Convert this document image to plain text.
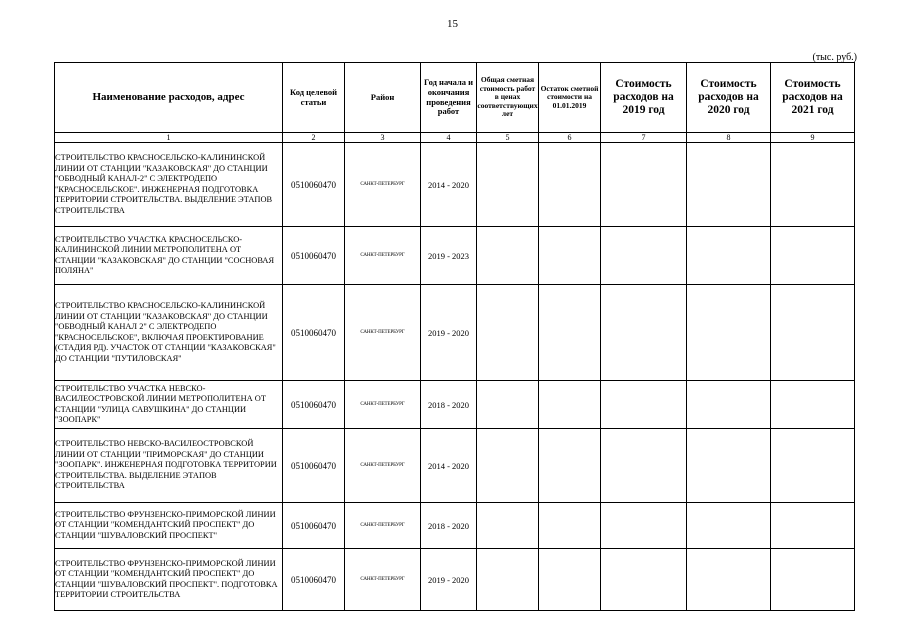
15
(тыс. руб.)
Наименование расходов, адрес	Код целевой статьи	Район	Год начала и окончания проведения работ	Общая сметная стоимость работ в ценах соответствующих лет	Остаток сметной стоимости на 01.01.2019	Стоимость расходов на 2019 год	Стоимость расходов на 2020 год	Стоимость расходов на 2021 год
1	2	3	4	5	6	7	8	9
СТРОИТЕЛЬСТВО КРАСНОСЕЛЬСКО-КАЛИНИНСКОЙ ЛИНИИ ОТ СТАНЦИИ "КАЗАКОВСКАЯ" ДО СТАНЦИИ "ОБВОДНЫЙ КАНАЛ-2" С ЭЛЕКТРОДЕПО "КРАСНОСЕЛЬСКОЕ". ИНЖЕНЕРНАЯ ПОДГОТОВКА ТЕРРИТОРИИ СТРОИТЕЛЬСТВА. ВЫДЕЛЕНИЕ ЭТАПОВ СТРОИТЕЛЬСТВА	0510060470	САНКТ-ПЕТЕРБУРГ	2014 - 2020					
СТРОИТЕЛЬСТВО УЧАСТКА КРАСНОСЕЛЬСКО-КАЛИНИНСКОЙ ЛИНИИ МЕТРОПОЛИТЕНА ОТ СТАНЦИИ "КАЗАКОВСКАЯ" ДО СТАНЦИИ "СОСНОВАЯ ПОЛЯНА"	0510060470	САНКТ-ПЕТЕРБУРГ	2019 - 2023					
СТРОИТЕЛЬСТВО КРАСНОСЕЛЬСКО-КАЛИНИНСКОЙ ЛИНИИ ОТ СТАНЦИИ "КАЗАКОВСКАЯ" ДО СТАНЦИИ "ОБВОДНЫЙ КАНАЛ 2" С ЭЛЕКТРОДЕПО "КРАСНОСЕЛЬСКОЕ", ВКЛЮЧАЯ ПРОЕКТИРОВАНИЕ (СТАДИЯ РД). УЧАСТОК ОТ СТАНЦИИ "КАЗАКОВСКАЯ" ДО СТАНЦИИ "ПУТИЛОВСКАЯ"	0510060470	САНКТ-ПЕТЕРБУРГ	2019 - 2020					
СТРОИТЕЛЬСТВО УЧАСТКА НЕВСКО-ВАСИЛЕОСТРОВСКОЙ ЛИНИИ МЕТРОПОЛИТЕНА ОТ СТАНЦИИ "УЛИЦА САВУШКИНА" ДО СТАНЦИИ "ЗООПАРК"	0510060470	САНКТ-ПЕТЕРБУРГ	2018 - 2020					
СТРОИТЕЛЬСТВО НЕВСКО-ВАСИЛЕОСТРОВСКОЙ ЛИНИИ ОТ СТАНЦИИ "ПРИМОРСКАЯ" ДО СТАНЦИИ "ЗООПАРК". ИНЖЕНЕРНАЯ ПОДГОТОВКА ТЕРРИТОРИИ СТРОИТЕЛЬСТВА. ВЫДЕЛЕНИЕ ЭТАПОВ СТРОИТЕЛЬСТВА	0510060470	САНКТ-ПЕТЕРБУРГ	2014 - 2020					
СТРОИТЕЛЬСТВО ФРУНЗЕНСКО-ПРИМОРСКОЙ ЛИНИИ ОТ СТАНЦИИ "КОМЕНДАНТСКИЙ ПРОСПЕКТ" ДО СТАНЦИИ "ШУВАЛОВСКИЙ ПРОСПЕКТ"	0510060470	САНКТ-ПЕТЕРБУРГ	2018 - 2020					
СТРОИТЕЛЬСТВО ФРУНЗЕНСКО-ПРИМОРСКОЙ ЛИНИИ ОТ СТАНЦИИ "КОМЕНДАНТСКИЙ ПРОСПЕКТ" ДО СТАНЦИИ "ШУВАЛОВСКИЙ ПРОСПЕКТ". ПОДГОТОВКА ТЕРРИТОРИИ СТРОИТЕЛЬСТВА	0510060470	САНКТ-ПЕТЕРБУРГ	2019 - 2020					
